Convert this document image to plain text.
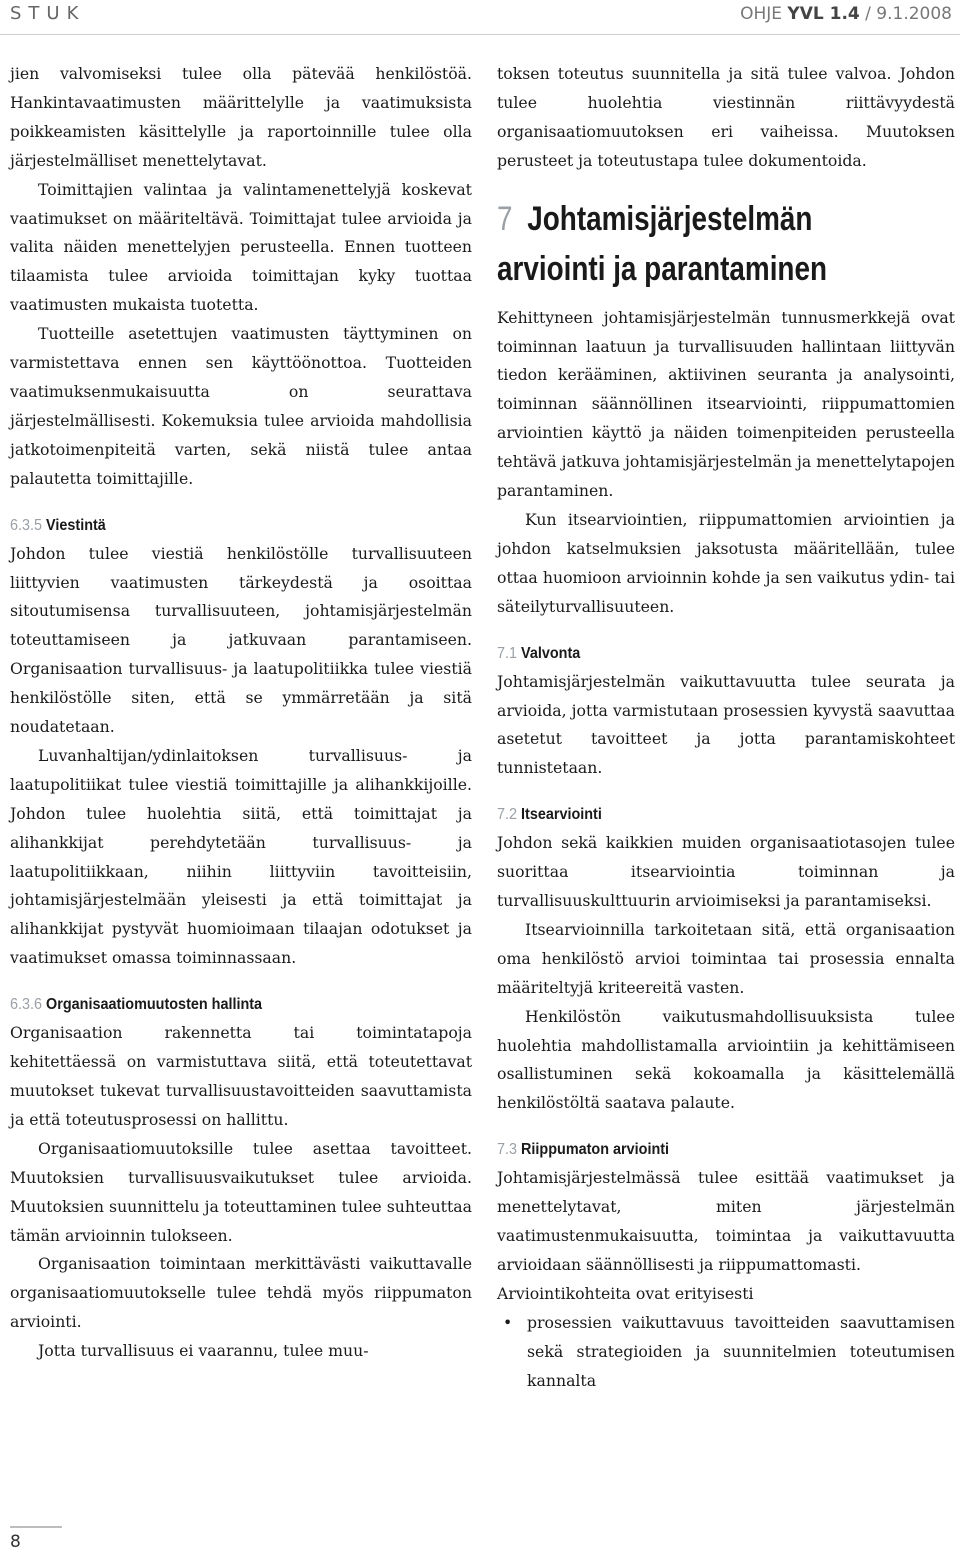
STUK	OHJE YVL 1.4 / 9.1.2008

jien valvomiseksi tulee olla pätevää henkilöstöä. Hankintavaatimusten määrittelylle ja vaatimuksista poikkeamisten käsittelylle ja raportoinnille tulee olla järjestelmälliset menettelytavat.

Toimittajien valintaa ja valintamenettelyjä koskevat vaatimukset on määriteltävä. Toimittajat tulee arvioida ja valita näiden menettelyjen perusteella. Ennen tuotteen tilaamista tulee arvioida toimittajan kyky tuottaa vaatimusten mukaista tuotetta.

Tuotteille asetettujen vaatimusten täyttyminen on varmistettava ennen sen käyttöönottoa. Tuotteiden vaatimuksenmukaisuutta on seurattava järjestelmällisesti. Kokemuksia tulee arvioida mahdollisia jatkotoimenpiteitä varten, sekä niistä tulee antaa palautetta toimittajille.

6.3.5 Viestintä

Johdon tulee viestiä henkilöstölle turvallisuuteen liittyvien vaatimusten tärkeydestä ja osoittaa sitoutumisensa turvallisuuteen, johtamisjärjestelmän toteuttamiseen ja jatkuvaan parantamiseen. Organisaation turvallisuus- ja laatupolitiikka tulee viestiä henkilöstölle siten, että se ymmärretään ja sitä noudatetaan.

Luvanhaltijan/ydinlaitoksen turvallisuus- ja laatupolitiikat tulee viestiä toimittajille ja alihankkijoille. Johdon tulee huolehtia siitä, että toimittajat ja alihankkijat perehdytetään turvallisuus- ja laatupolitiikkaan, niihin liittyviin tavoitteisiin, johtamisjärjestelmään yleisesti ja että toimittajat ja alihankkijat pystyvät huomioimaan tilaajan odotukset ja vaatimukset omassa toiminnassaan.

6.3.6 Organisaatiomuutosten hallinta

Organisaation rakennetta tai toimintatapoja kehitettäessä on varmistuttava siitä, että toteutettavat muutokset tukevat turvallisuustavoitteiden saavuttamista ja että toteutusprosessi on hallittu.

Organisaatiomuutoksille tulee asettaa tavoitteet. Muutoksien turvallisuusvaikutukset tulee arvioida. Muutoksien suunnittelu ja toteuttaminen tulee suhteuttaa tämän arvioinnin tulokseen.

Organisaation toimintaan merkittävästi vaikuttavalle organisaatiomuutokselle tulee tehdä myös riippumaton arviointi.

Jotta turvallisuus ei vaarannu, tulee muu-

toksen toteutus suunnitella ja sitä tulee valvoa. Johdon tulee huolehtia viestinnän riittävyydestä organisaatiomuutoksen eri vaiheissa. Muutoksen perusteet ja toteutustapa tulee dokumentoida.

7 Johtamisjärjestelmän
arviointi ja parantaminen

Kehittyneen johtamisjärjestelmän tunnusmerkkejä ovat toiminnan laatuun ja turvallisuuden hallintaan liittyvän tiedon kerääminen, aktiivinen seuranta ja analysointi, toiminnan säännöllinen itsearviointi, riippumattomien arviointien käyttö ja näiden toimenpiteiden perusteella tehtävä jatkuva johtamisjärjestelmän ja menettelytapojen parantaminen.

Kun itsearviointien, riippumattomien arviointien ja johdon katselmuksien jaksotusta määritellään, tulee ottaa huomioon arvioinnin kohde ja sen vaikutus ydin- tai säteilyturvallisuuteen.

7.1 Valvonta

Johtamisjärjestelmän vaikuttavuutta tulee seurata ja arvioida, jotta varmistutaan prosessien kyvystä saavuttaa asetetut tavoitteet ja jotta parantamiskohteet tunnistetaan.

7.2 Itsearviointi

Johdon sekä kaikkien muiden organisaatiotasojen tulee suorittaa itsearviointia toiminnan ja turvallisuuskulttuurin arvioimiseksi ja parantamiseksi.

Itsearvioinnilla tarkoitetaan sitä, että organisaation oma henkilöstö arvioi toimintaa tai prosessia ennalta määriteltyjä kriteereitä vasten.

Henkilöstön vaikutusmahdollisuuksista tulee huolehtia mahdollistamalla arviointiin ja kehittämiseen osallistuminen sekä kokoamalla ja käsittelemällä henkilöstöltä saatava palaute.

7.3 Riippumaton arviointi

Johtamisjärjestelmässä tulee esittää vaatimukset ja menettelytavat, miten järjestelmän vaatimustenmukaisuutta, toimintaa ja vaikuttavuutta arvioidaan säännöllisesti ja riippumattomasti.

Arviointikohteita ovat erityisesti

• prosessien vaikuttavuus tavoitteiden saavuttamisen sekä strategioiden ja suunnitelmien toteutumisen kannalta
8
